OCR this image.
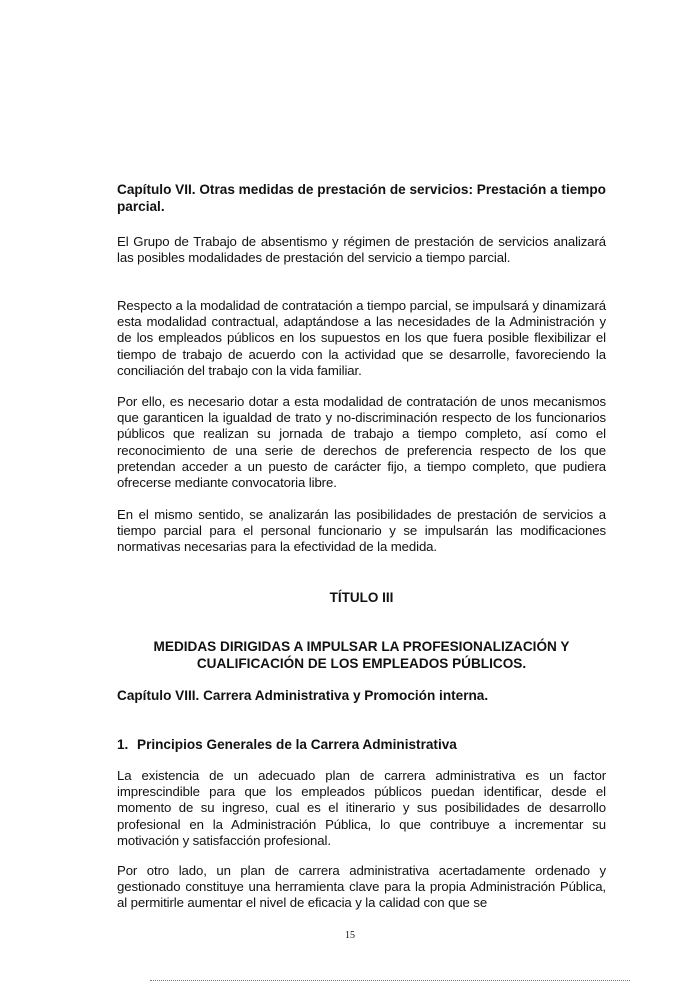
Capítulo VII. Otras medidas de prestación de servicios: Prestación a tiempo parcial.

El Grupo de Trabajo de absentismo y régimen de prestación de servicios analizará las posibles modalidades de prestación del servicio a tiempo parcial.

Respecto a la modalidad de contratación a tiempo parcial, se impulsará y dinamizará esta modalidad contractual, adaptándose a las necesidades de la Administración y de los empleados públicos en los supuestos en los que fuera posible flexibilizar el tiempo de trabajo de acuerdo con la actividad que se desarrolle, favoreciendo la conciliación del trabajo con la vida familiar.

Por ello, es necesario dotar a esta modalidad de contratación de unos mecanismos que garanticen la igualdad de trato y no-discriminación respecto de los funcionarios públicos que realizan su jornada de trabajo a tiempo completo, así como el reconocimiento de una serie de derechos de preferencia respecto de los que pretendan acceder a un puesto de carácter fijo, a tiempo completo, que pudiera ofrecerse mediante convocatoria libre.

En el mismo sentido, se analizarán las posibilidades de prestación de servicios a tiempo parcial para el personal funcionario y se impulsarán las modificaciones normativas necesarias para la efectividad de la medida.

TÍTULO III
MEDIDAS DIRIGIDAS A IMPULSAR LA PROFESIONALIZACIÓN Y
CUALIFICACIÓN DE LOS EMPLEADOS PÚBLICOS.

Capítulo VIII. Carrera Administrativa y Promoción interna.

1. Principios Generales de la Carrera Administrativa

La existencia de un adecuado plan de carrera administrativa es un factor imprescindible para que los empleados públicos puedan identificar, desde el momento de su ingreso, cual es el itinerario y sus posibilidades de desarrollo profesional en la Administración Pública, lo que contribuye a incrementar su motivación y satisfacción profesional.

Por otro lado, un plan de carrera administrativa acertadamente ordenado y gestionado constituye una herramienta clave para la propia Administración Pública, al permitirle aumentar el nivel de eficacia y la calidad con que se

15
